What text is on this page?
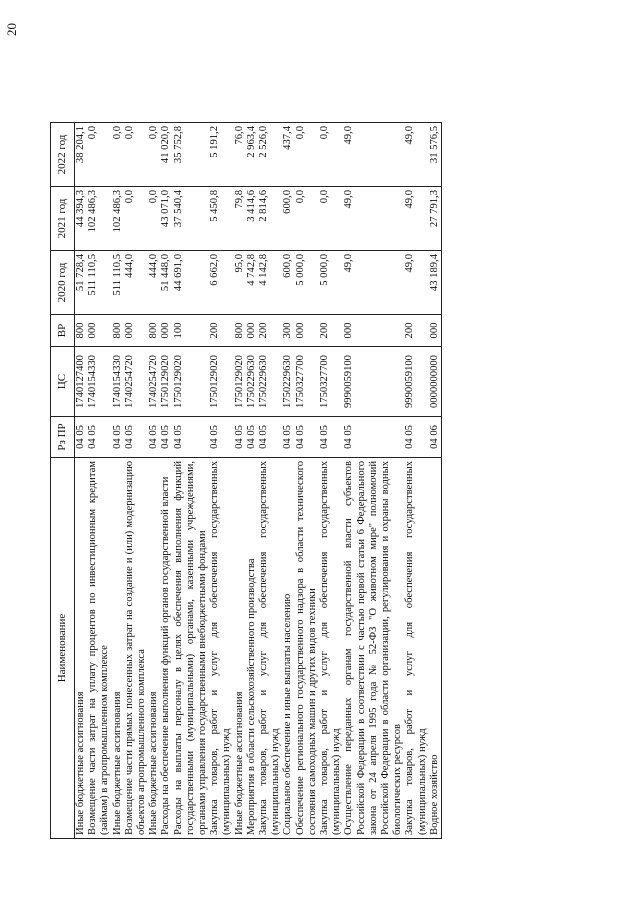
20
Наименование	Рз ПР	ЦС	ВР	2020 год	2021 год	2022 год
Иные бюджетные ассигнования	04 05	1740127400	800	51 728,4	44 394,3	38 204,1

Возмещение части затрат на уплату процентов по инвестиционным кредитам (займам) в агропромышленном комплексе	04 05	1740154330	000	511 110,5	102 486,3	0,0

Иные бюджетные ассигнования	04 05	1740154330	800	511 110,5	102 486,3	0,0

Возмещение части прямых понесенных затрат на создание и (или) модернизацию объектов агропромышленного комплекса	04 05	1740254720	000	444,0	0,0	0,0

Иные бюджетные ассигнования	04 05	1740254720	800	444,0	0,0	0,0

Расходы на обеспечение выполнения функций органов государственной власти	04 05	1750129020	000	51 448,0	43 071,0	41 020,0

Расходы на выплаты персоналу в целях обеспечения выполнения функций государственными (муниципальными) органами, казенными учреждениями, органами управления государственными внебюджетными фондами	04 05	1750129020	100	44 691,0	37 540,4	35 752,8

Закупка товаров, работ и услуг для обеспечения государственных (муниципальных) нужд	04 05	1750129020	200	6 662,0	5 450,8	5 191,2

Иные бюджетные ассигнования	04 05	1750129020	800	95,0	79,8	76,0

Мероприятия в области сельскохозяйственного производства	04 05	1750229630	000	4 742,8	3 414,6	2 963,4

Закупка товаров, работ и услуг для обеспечения государственных (муниципальных) нужд	04 05	1750229630	200	4 142,8	2 814,6	2 526,0

Социальное обеспечение и иные выплаты населению	04 05	1750229630	300	600,0	600,0	437,4

Обеспечение регионального государственного надзора в области технического состояния самоходных машин и других видов техники	04 05	1750327700	000	5 000,0	0,0	0,0

Закупка товаров, работ и услуг для обеспечения государственных (муниципальных) нужд	04 05	1750327700	200	5 000,0	0,0	0,0

Осуществление переданных органам государственной власти субъектов Российской Федерации в соответствии с частью первой статьи 6 Федерального закона от 24 апреля 1995 года № 52-ФЗ "О животном мире" полномочий Российской Федерации в области организации, регулирования и охраны водных биологических ресурсов	04 05	9990059100	000	49,0	49,0	49,0

Закупка товаров, работ и услуг для обеспечения государственных (муниципальных) нужд	04 05	9990059100	200	49,0	49,0	49,0

Водное хозяйство	04 06	0000000000	000	43 189,4	27 791,3	31 576,5
